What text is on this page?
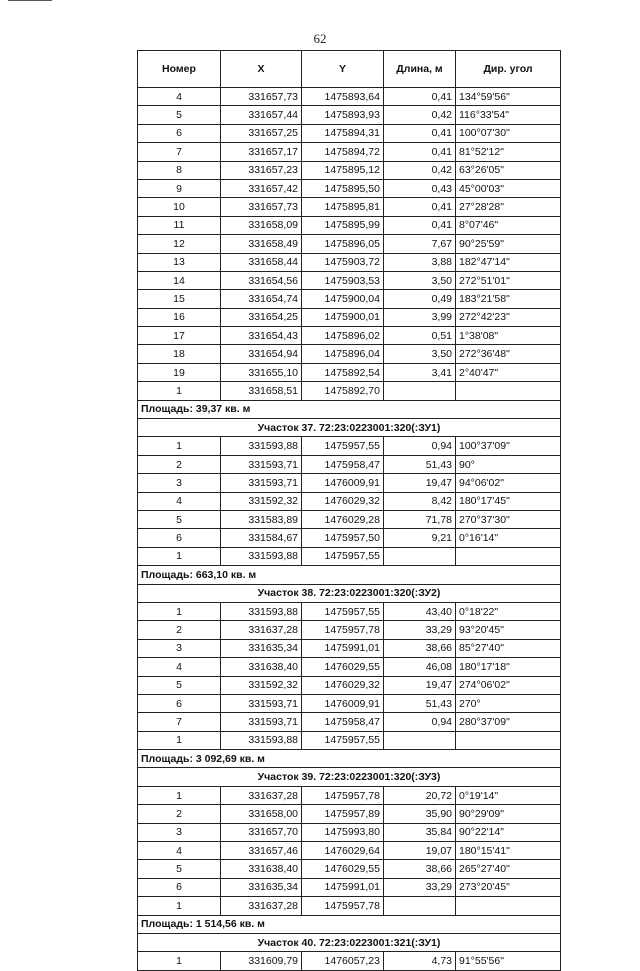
62
Номер	X	Y	Длина, м	Дир. угол
4	331657,73	1475893,64	0,41	134°59'56"
5	331657,44	1475893,93	0,42	116°33'54"
6	331657,25	1475894,31	0,41	100°07'30"
7	331657,17	1475894,72	0,41	81°52'12"
8	331657,23	1475895,12	0,42	63°26'05"
9	331657,42	1475895,50	0,43	45°00'03"
10	331657,73	1475895,81	0,41	27°28'28"
11	331658,09	1475895,99	0,41	8°07'46"
12	331658,49	1475896,05	7,67	90°25'59"
13	331658,44	1475903,72	3,88	182°47'14"
14	331654,56	1475903,53	3,50	272°51'01"
15	331654,74	1475900,04	0,49	183°21'58"
16	331654,25	1475900,01	3,99	272°42'23"
17	331654,43	1475896,02	0,51	1°38'08"
18	331654,94	1475896,04	3,50	272°36'48"
19	331655,10	1475892,54	3,41	2°40'47"
1	331658,51	1475892,70		
Площадь: 39,37 кв. м				
Участок 37. 72:23:0223001:320(:ЗУ1)				
1	331593,88	1475957,55	0,94	100°37'09"
2	331593,71	1475958,47	51,43	90°
3	331593,71	1476009,91	19,47	94°06'02"
4	331592,32	1476029,32	8,42	180°17'45"
5	331583,89	1476029,28	71,78	270°37'30"
6	331584,67	1475957,50	9,21	0°16'14"
1	331593,88	1475957,55		
Площадь: 663,10 кв. м				
Участок 38. 72:23:0223001:320(:ЗУ2)				
1	331593,88	1475957,55	43,40	0°18'22"
2	331637,28	1475957,78	33,29	93°20'45"
3	331635,34	1475991,01	38,66	85°27'40"
4	331638,40	1476029,55	46,08	180°17'18"
5	331592,32	1476029,32	19,47	274°06'02"
6	331593,71	1476009,91	51,43	270°
7	331593,71	1475958,47	0,94	280°37'09"
1	331593,88	1475957,55		
Площадь: 3 092,69 кв. м				
Участок 39. 72:23:0223001:320(:ЗУ3)				
1	331637,28	1475957,78	20,72	0°19'14"
2	331658,00	1475957,89	35,90	90°29'09"
3	331657,70	1475993,80	35,84	90°22'14"
4	331657,46	1476029,64	19,07	180°15'41"
5	331638,40	1476029,55	38,66	265°27'40"
6	331635,34	1475991,01	33,29	273°20'45"
1	331637,28	1475957,78		
Площадь: 1 514,56 кв. м				
Участок 40. 72:23:0223001:321(:ЗУ1)				
1	331609,79	1476057,23	4,73	91°55'56"
